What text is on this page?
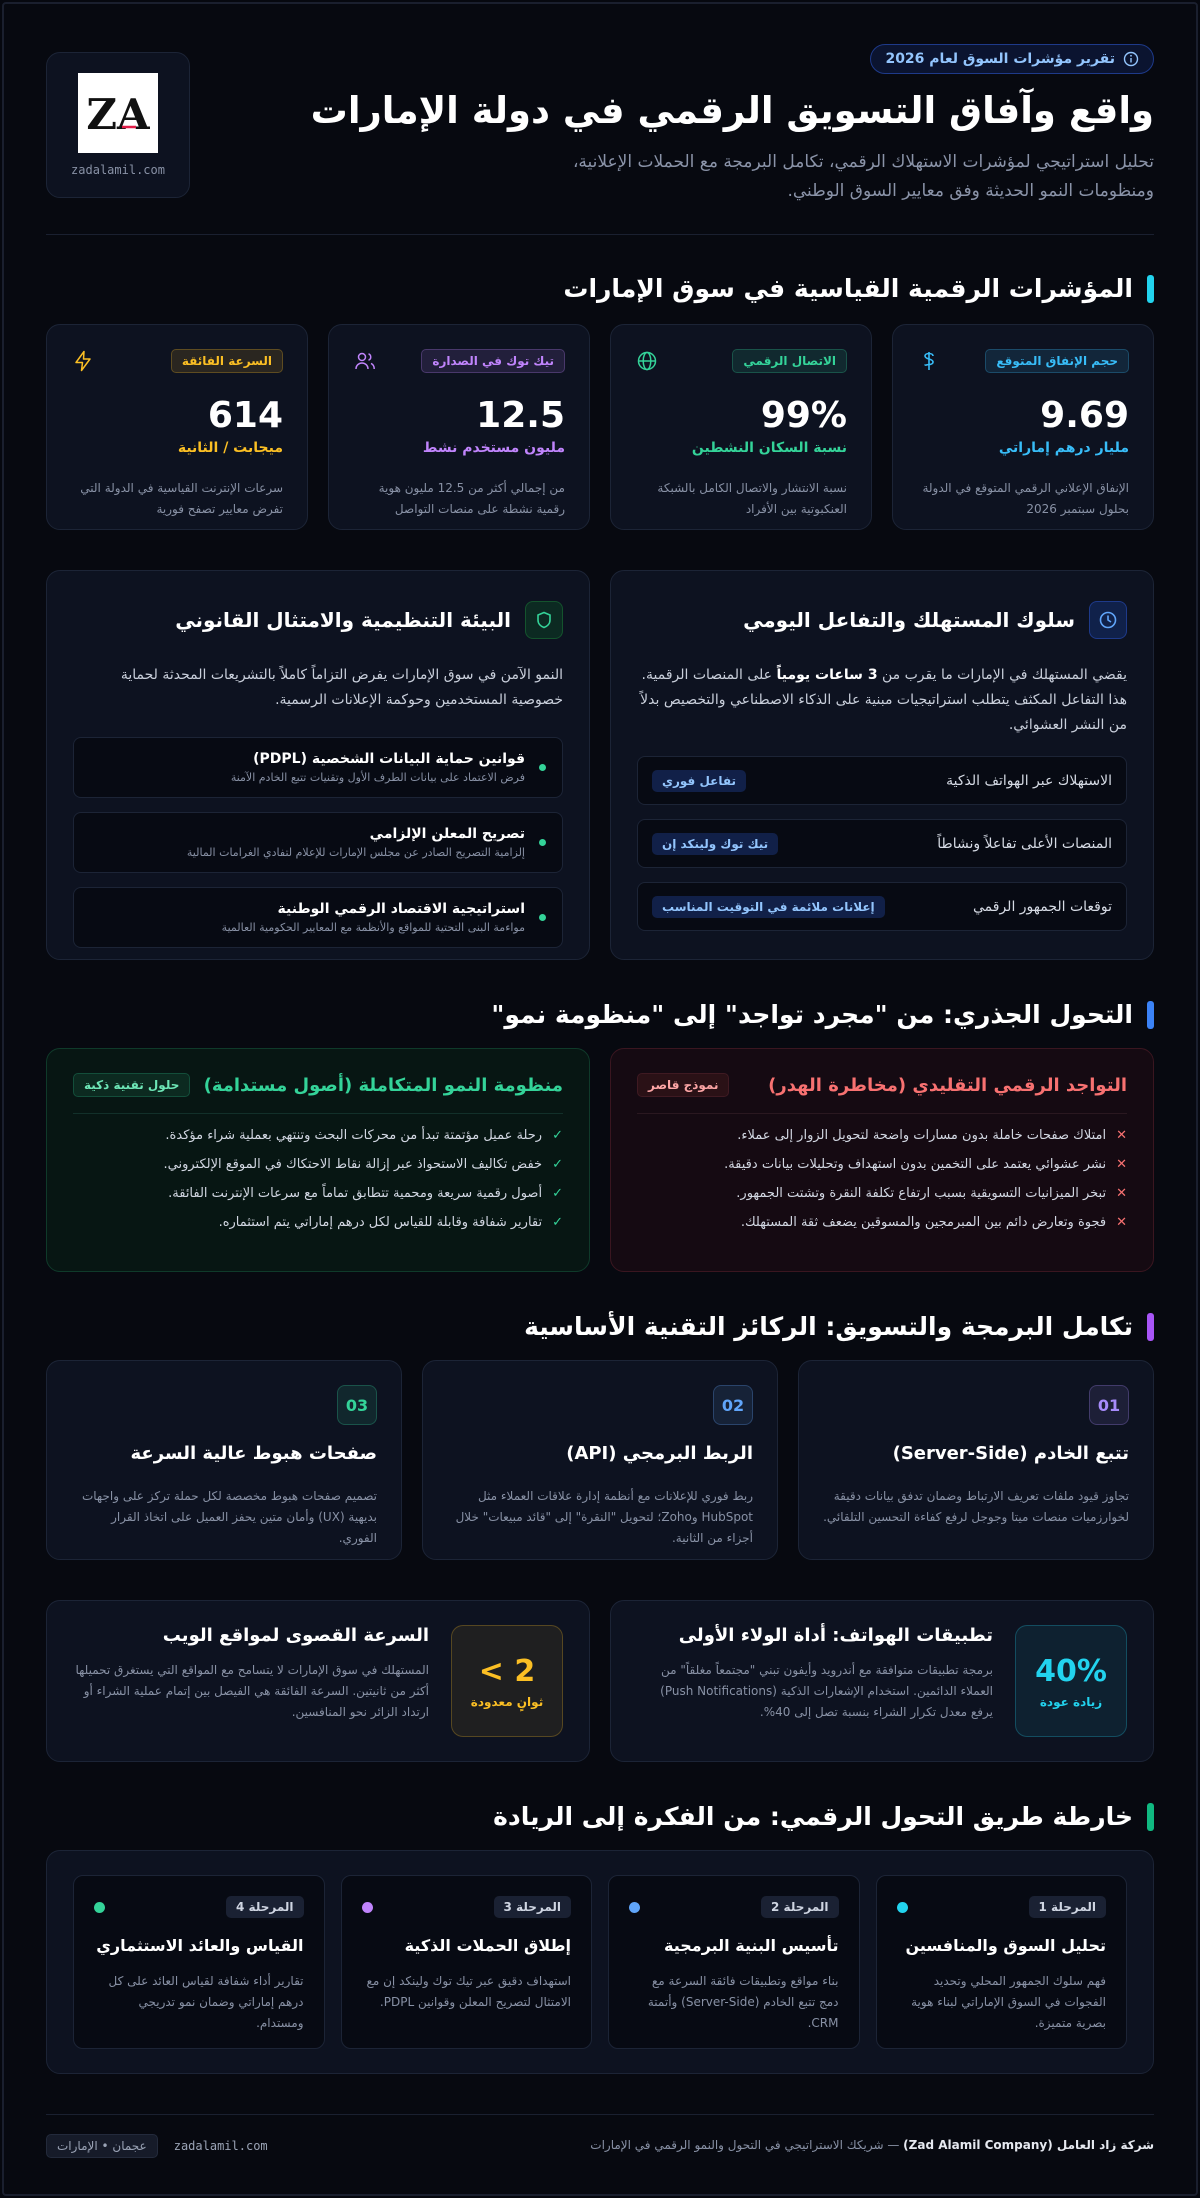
تقرير مؤشرات السوق لعام 2026
واقع وآفاق التسويق الرقمي في دولة الإمارات
تحليل استراتيجي لمؤشرات الاستهلاك الرقمي، تكامل البرمجة مع الحملات الإعلانية،
ومنظومات النمو الحديثة وفق معايير السوق الوطني.
ZA
zadalamil.com
المؤشرات الرقمية القياسية في سوق الإمارات
حجم الإنفاق المتوقع
9.69
مليار درهم إماراتي
الإنفاق الإعلاني الرقمي المتوقع في الدولة بحلول سبتمبر 2026
الاتصال الرقمي
99%
نسبة السكان النشطين
نسبة الانتشار والاتصال الكامل بالشبكة العنكبوتية بين الأفراد
تيك توك في الصدارة
12.5
مليون مستخدم نشط
من إجمالي أكثر من 12.5 مليون هوية رقمية نشطة على منصات التواصل
السرعة الفائقة
614
ميجابت / الثانية
سرعات الإنترنت القياسية في الدولة التي تفرض معايير تصفح فورية
سلوك المستهلك والتفاعل اليومي

يقضي المستهلك في الإمارات ما يقرب من 3 ساعات يومياً على المنصات الرقمية. هذا التفاعل المكثف يتطلب استراتيجيات مبنية على الذكاء الاصطناعي والتخصيص بدلاً من النشر العشوائي.

الاستهلاك عبر الهواتف الذكية
تفاعل فوري
المنصات الأعلى تفاعلاً ونشاطاً
تيك توك ولينكد إن
توقعات الجمهور الرقمي
إعلانات ملائمة في التوقيت المناسب
البيئة التنظيمية والامتثال القانوني

النمو الآمن في سوق الإمارات يفرض التزاماً كاملاً بالتشريعات المحدثة لحماية خصوصية المستخدمين وحوكمة الإعلانات الرسمية.

قوانين حماية البيانات الشخصية (PDPL)
فرض الاعتماد على بيانات الطرف الأول وتقنيات تتبع الخادم الآمنة
تصريح المعلن الإلزامي
إلزامية التصريح الصادر عن مجلس الإمارات للإعلام لتفادي الغرامات المالية
استراتيجية الاقتصاد الرقمي الوطنية
مواءمة البنى التحتية للمواقع والأنظمة مع المعايير الحكومية العالمية
التحول الجذري: من "مجرد تواجد" إلى "منظومة نمو"
التواجد الرقمي التقليدي (مخاطرة الهدر)
نموذج قاصر
✕
امتلاك صفحات خاملة بدون مسارات واضحة لتحويل الزوار إلى عملاء.
✕
نشر عشوائي يعتمد على التخمين بدون استهداف وتحليلات بيانات دقيقة.
✕
تبخر الميزانيات التسويقية بسبب ارتفاع تكلفة النقرة وتشتت الجمهور.
✕
فجوة وتعارض دائم بين المبرمجين والمسوقين يضعف ثقة المستهلك.
منظومة النمو المتكاملة (أصول مستدامة)
حلول تقنية ذكية
✓
رحلة عميل مؤتمتة تبدأ من محركات البحث وتنتهي بعملية شراء مؤكدة.
✓
خفض تكاليف الاستحواذ عبر إزالة نقاط الاحتكاك في الموقع الإلكتروني.
✓
أصول رقمية سريعة ومحمية تتطابق تماماً مع سرعات الإنترنت الفائقة.
✓
تقارير شفافة وقابلة للقياس لكل درهم إماراتي يتم استثماره.
تكامل البرمجة والتسويق: الركائز التقنية الأساسية
01
تتبع الخادم (Server-Side)
تجاوز قيود ملفات تعريف الارتباط وضمان تدفق بيانات دقيقة لخوارزميات منصات ميتا وجوجل لرفع كفاءة التحسين التلقائي.
02
الربط البرمجي (API)
ربط فوري للإعلانات مع أنظمة إدارة علاقات العملاء مثل HubSpot وZoho؛ لتحويل "النقرة" إلى "قائد مبيعات" خلال أجزاء من الثانية.
03
صفحات هبوط عالية السرعة
تصميم صفحات هبوط مخصصة لكل حملة تركز على واجهات بديهية (UX) وأمان متين يحفز العميل على اتخاذ القرار الفوري.
40%
زيادة عودة
تطبيقات الهواتف: أداة الولاء الأولى
برمجة تطبيقات متوافقة مع أندرويد وأيفون تبني "مجتمعاً مغلقاً" من العملاء الدائمين. استخدام الإشعارات الذكية (Push Notifications) يرفع معدل تكرار الشراء بنسبة تصل إلى 40%.
< 2
ثوانٍ معدودة
السرعة القصوى لمواقع الويب
المستهلك في سوق الإمارات لا يتسامح مع المواقع التي يستغرق تحميلها أكثر من ثانيتين. السرعة الفائقة هي الفيصل بين إتمام عملية الشراء أو ارتداد الزائر نحو المنافسين.
خارطة طريق التحول الرقمي: من الفكرة إلى الريادة
المرحلة 1
تحليل السوق والمنافسين
فهم سلوك الجمهور المحلي وتحديد الفجوات في السوق الإماراتي لبناء هوية بصرية متميزة.
المرحلة 2
تأسيس البنية البرمجية
بناء مواقع وتطبيقات فائقة السرعة مع دمج تتبع الخادم (Server-Side) وأتمتة CRM.
المرحلة 3
إطلاق الحملات الذكية
استهداف دقيق عبر تيك توك ولينكد إن مع الامتثال لتصريح المعلن وقوانين PDPL.
المرحلة 4
القياس والعائد الاستثماري
تقارير أداء شفافة لقياس العائد على كل درهم إماراتي وضمان نمو تدريجي ومستدام.
شركة زاد العامل (Zad Alamil Company) — شريكك الاستراتيجي في التحول والنمو الرقمي في الإمارات
عجمان • الإمارات	zadalamil.com
